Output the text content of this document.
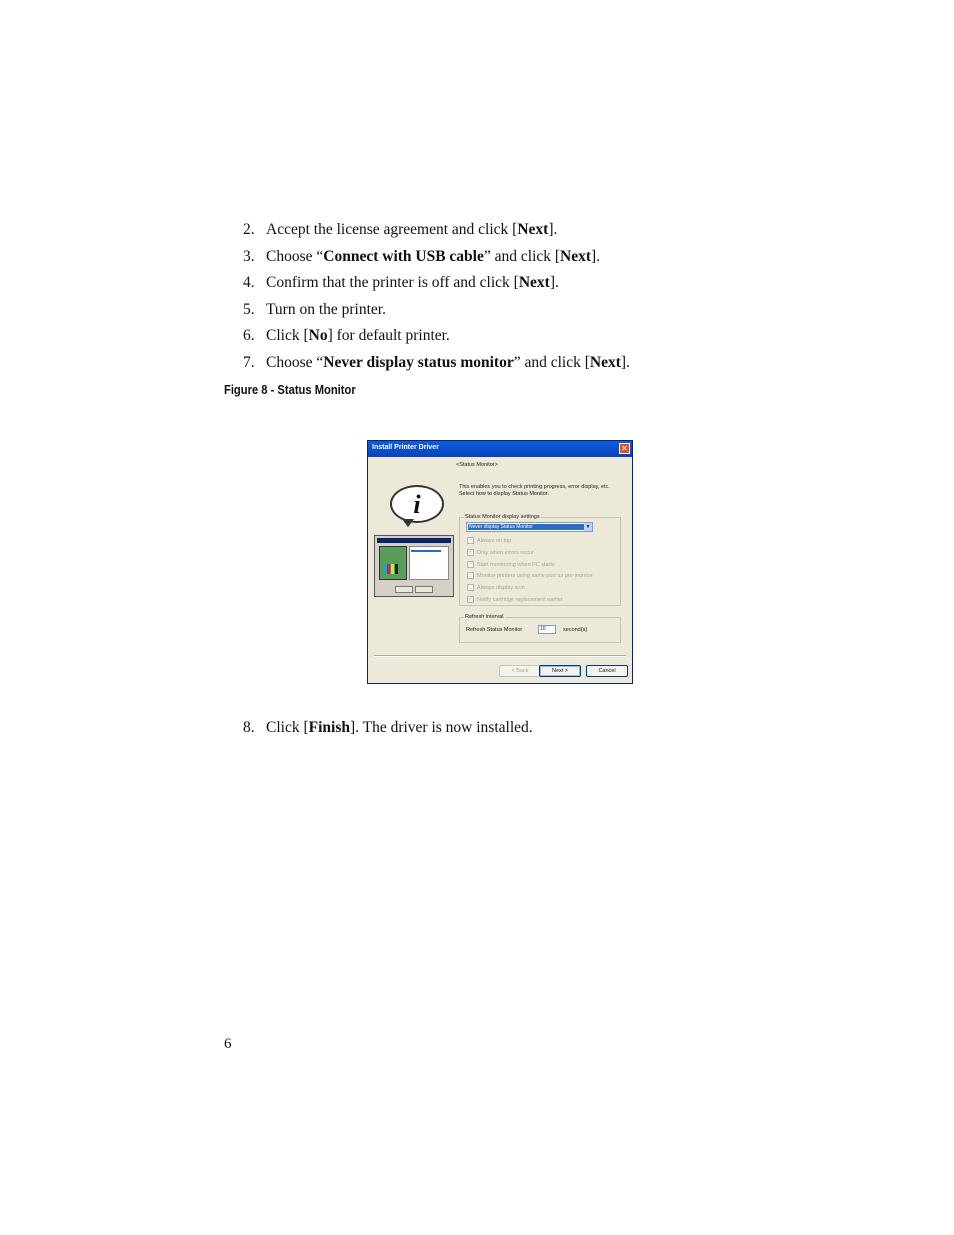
2. Accept the license agreement and click [Next].
3. Choose “Connect with USB cable” and click [Next].
4. Confirm that the printer is off and click [Next].
5. Turn on the printer.
6. Click [No] for default printer.
7. Choose “Never display status monitor” and click [Next].
Figure 8 - Status Monitor
Install Printer Driver	✕
i
<Status Monitor>
This enables you to check printing progress, error display, etc.
Select how to display Status Monitor.
Status Monitor display settings
Never display Status Monitor	▼
Always on top
✓ Only when errors occur
Start monitoring when PC starts
Monitor printers using same port as pre-monitor
Always display icon
✓ Notify cartridge replacement earlier
Refresh interval
Refresh Status Monitor	10	second(s)
< Back	Next >	Cancel
8. Click [Finish]. The driver is now installed.
6
